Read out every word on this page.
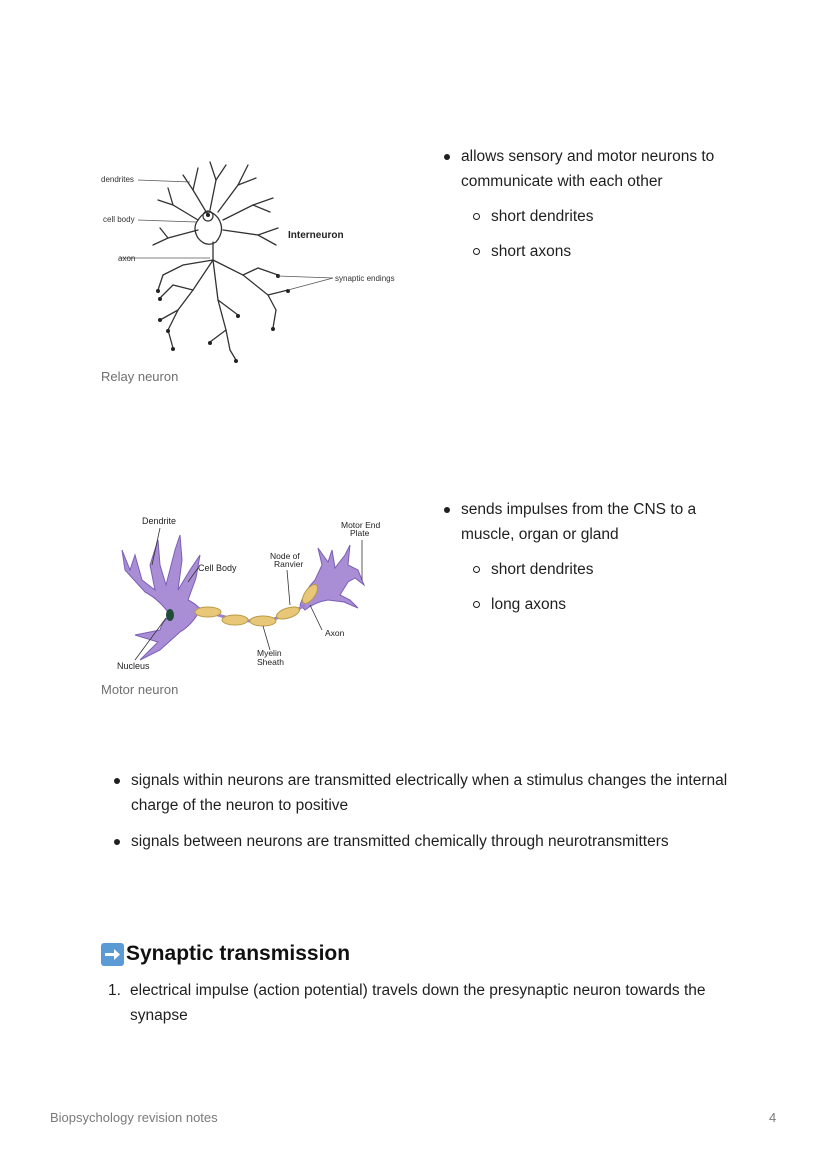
dendrites
cell body
axon
Interneuron
synaptic endings
Relay neuron
allows sensory and motor neurons to communicate with each other
short dendrites
short axons
Dendrite
Cell Body
Node of
Ranvier
Motor End
Plate
Axon
Myelin
Sheath
Nucleus
Motor neuron
sends impulses from the CNS to a muscle, organ or gland
short dendrites
long axons
signals within neurons are transmitted electrically when a stimulus changes the internal charge of the neuron to positive
signals between neurons are transmitted chemically through neurotransmitters
Synaptic transmission
1. electrical impulse (action potential) travels down the presynaptic neuron towards the synapse
Biopsychology revision notes	4
